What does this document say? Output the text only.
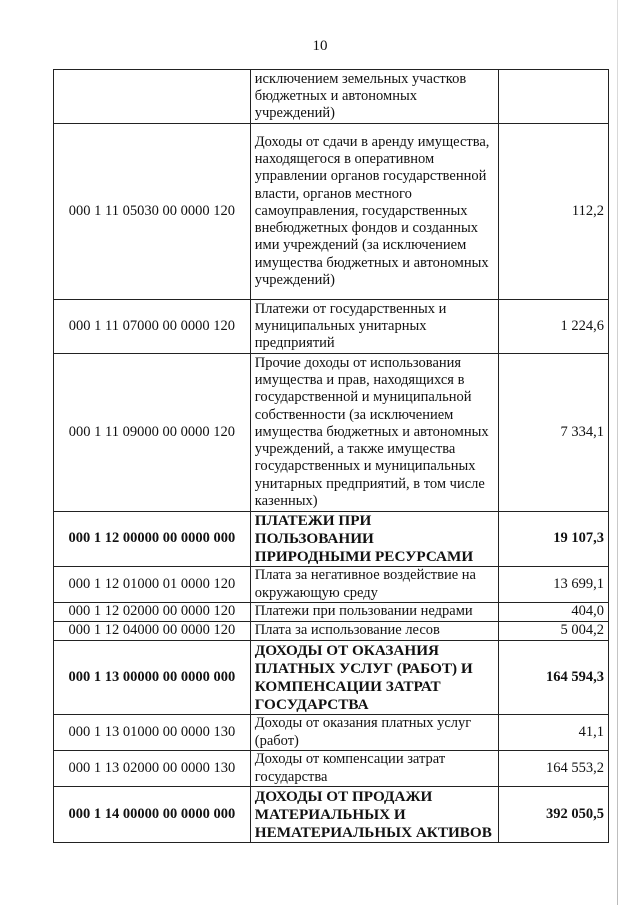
10
	исключением земельных участков бюджетных и автономных учреждений)	
000 1 11 05030 00 0000 120	Доходы от сдачи в аренду имущества, находящегося в оперативном управлении органов государственной власти, органов местного самоуправления, государственных внебюджетных фондов и созданных ими учреждений (за исключением имущества бюджетных и автономных учреждений)	112,2
000 1 11 07000 00 0000 120	Платежи от государственных и муниципальных унитарных предприятий	1 224,6
000 1 11 09000 00 0000 120	Прочие доходы от использования имущества и прав, находящихся в государственной и муниципальной собственности (за исключением имущества бюджетных и автономных учреждений, а также имущества государственных и муниципальных унитарных предприятий, в том числе казенных)	7 334,1
000 1 12 00000 00 0000 000	ПЛАТЕЖИ ПРИ ПОЛЬЗОВАНИИ ПРИРОДНЫМИ РЕСУРСАМИ	19 107,3
000 1 12 01000 01 0000 120	Плата за негативное воздействие на окружающую среду	13 699,1
000 1 12 02000 00 0000 120	Платежи при пользовании недрами	404,0
000 1 12 04000 00 0000 120	Плата за использование лесов	5 004,2
000 1 13 00000 00 0000 000	ДОХОДЫ ОТ ОКАЗАНИЯ ПЛАТНЫХ УСЛУГ (РАБОТ) И КОМПЕНСАЦИИ ЗАТРАТ ГОСУДАРСТВА	164 594,3
000 1 13 01000 00 0000 130	Доходы от оказания платных услуг (работ)	41,1
000 1 13 02000 00 0000 130	Доходы от компенсации затрат государства	164 553,2
000 1 14 00000 00 0000 000	ДОХОДЫ ОТ ПРОДАЖИ МАТЕРИАЛЬНЫХ И НЕМАТЕРИАЛЬНЫХ АКТИВОВ	392 050,5
